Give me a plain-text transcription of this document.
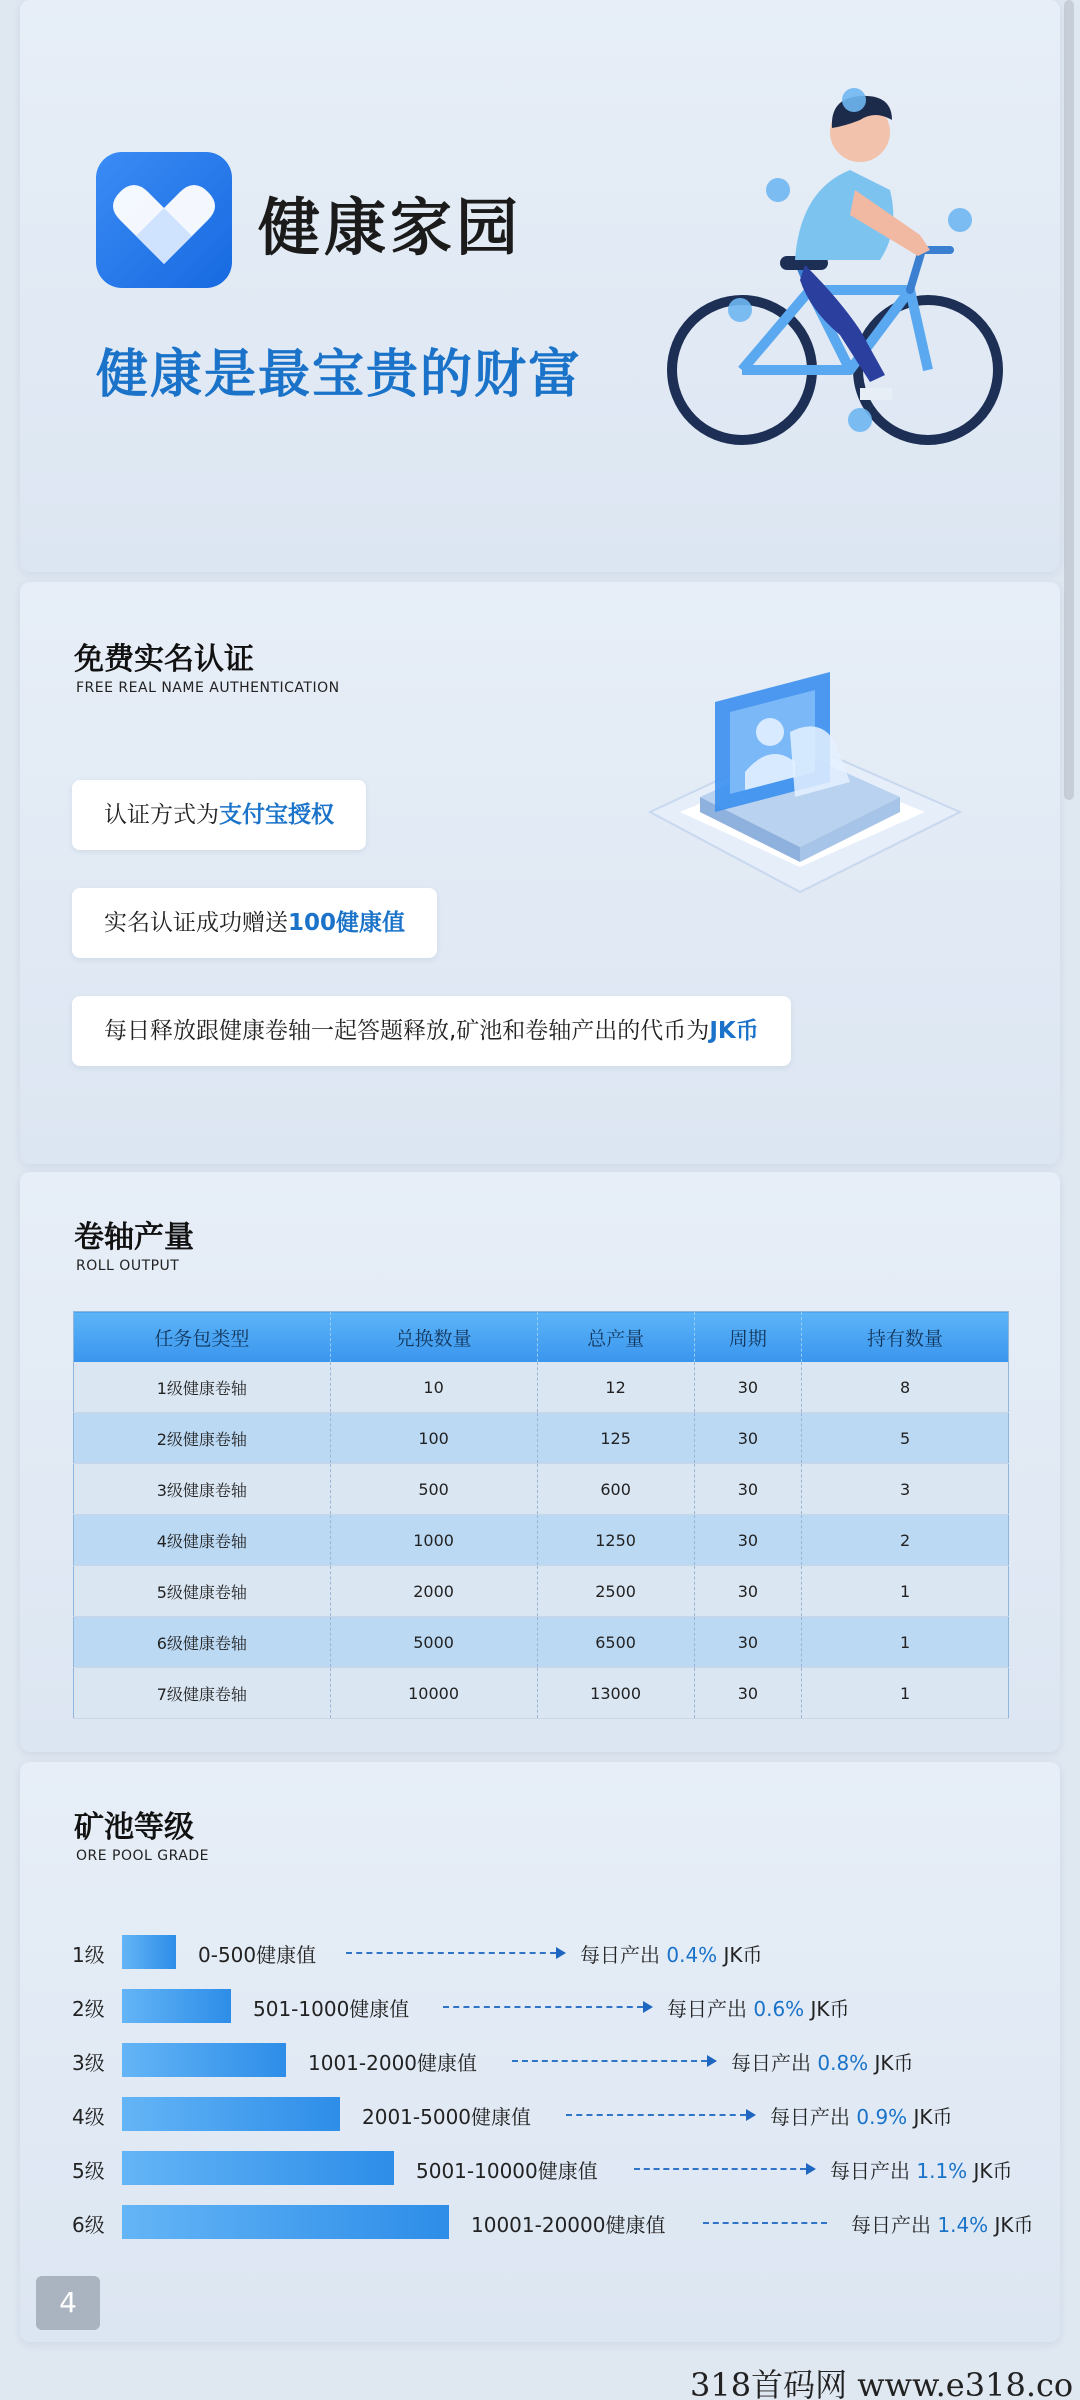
健康家园
健康是最宝贵的财富
免费实名认证
FREE REAL NAME AUTHENTICATION
认证方式为支付宝授权
实名认证成功赠送100健康值
每日释放跟健康卷轴一起答题释放,矿池和卷轴产出的代币为JK币
卷轴产量
ROLL OUTPUT
任务包类型	兑换数量	总产量	周期	持有数量
1级健康卷轴	10	12	30	8
2级健康卷轴	100	125	30	5
3级健康卷轴	500	600	30	3
4级健康卷轴	1000	1250	30	2
5级健康卷轴	2000	2500	30	1
6级健康卷轴	5000	6500	30	1
7级健康卷轴	10000	13000	30	1
矿池等级
ORE POOL GRADE
1级	0-500健康值	每日产出 0.4% JK币
2级	501-1000健康值	每日产出 0.6% JK币
3级	1001-2000健康值	每日产出 0.8% JK币
4级	2001-5000健康值	每日产出 0.9% JK币
5级	5001-10000健康值	每日产出 1.1% JK币
6级	10001-20000健康值	每日产出 1.4% JK币
4
318首码网 www.e318.co
